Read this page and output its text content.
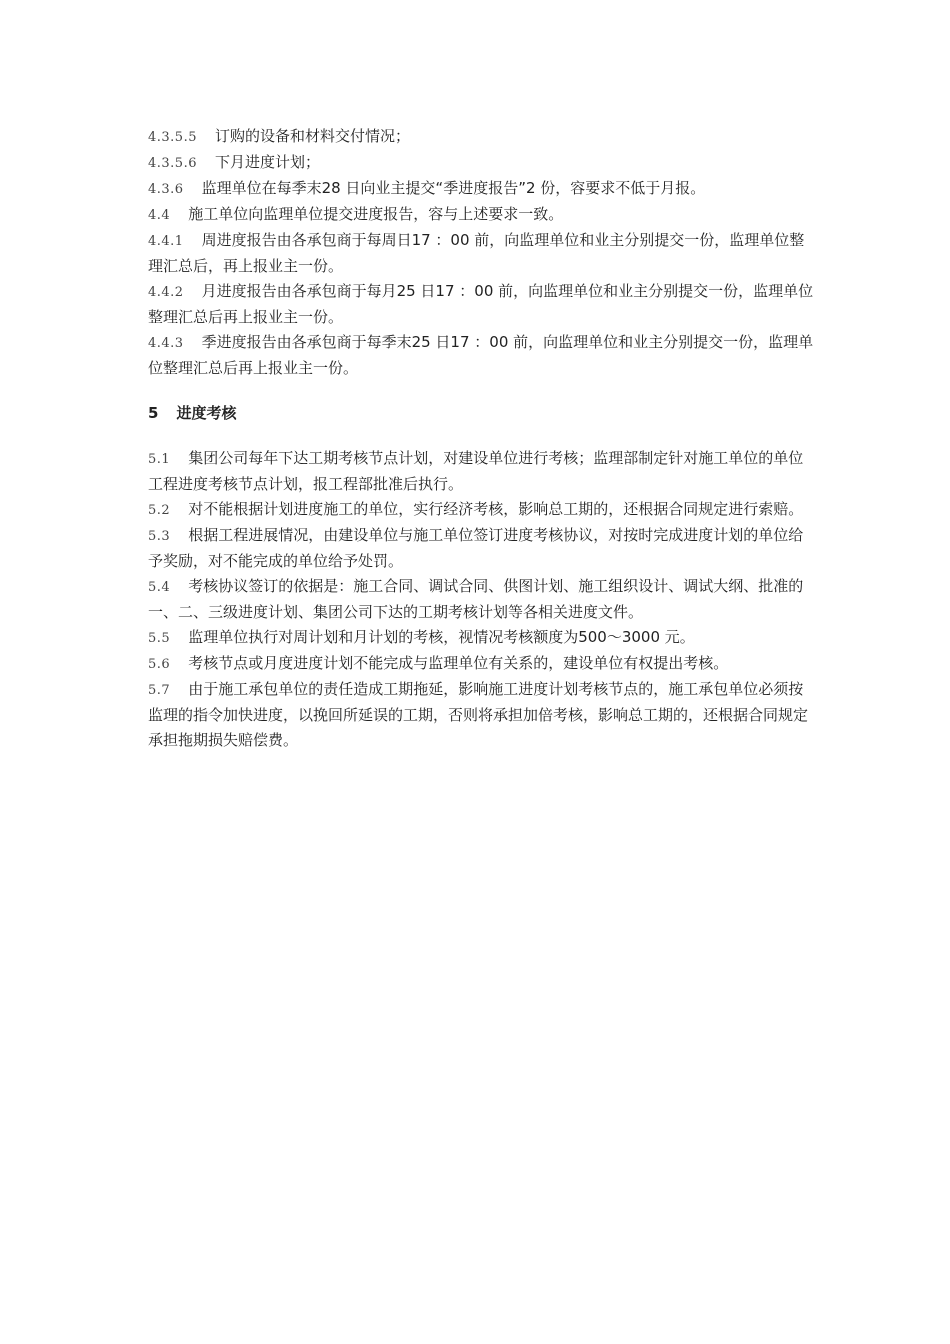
4.3.5.5 订购的设备和材料交付情况；

4.3.5.6 下月进度计划；

4.3.6 监理单位在每季末28 日向业主提交“季进度报告”2 份，容要求不低于月报。

4.4 施工单位向监理单位提交进度报告，容与上述要求一致。

4.4.1 周进度报告由各承包商于每周日17 ：00 前，向监理单位和业主分别提交一份，监理单位整理汇总后，再上报业主一份。

4.4.2 月进度报告由各承包商于每月25 日17 ：00 前，向监理单位和业主分别提交一份，监理单位整理汇总后再上报业主一份。

4.4.3 季进度报告由各承包商于每季末25 日17 ：00 前，向监理单位和业主分别提交一份，监理单位整理汇总后再上报业主一份。

5 进度考核

5.1 集团公司每年下达工期考核节点计划，对建设单位进行考核；监理部制定针对施工单位的单位工程进度考核节点计划，报工程部批准后执行。

5.2 对不能根据计划进度施工的单位，实行经济考核，影响总工期的，还根据合同规定进行索赔。

5.3 根据工程进展情况，由建设单位与施工单位签订进度考核协议，对按时完成进度计划的单位给予奖励，对不能完成的单位给予处罚。

5.4 考核协议签订的依据是：施工合同、调试合同、供图计划、施工组织设计、调试大纲、批准的一、二、三级进度计划、集团公司下达的工期考核计划等各相关进度文件。

5.5 监理单位执行对周计划和月计划的考核，视情况考核额度为500～3000 元。

5.6 考核节点或月度进度计划不能完成与监理单位有关系的，建设单位有权提出考核。

5.7 由于施工承包单位的责任造成工期拖延，影响施工进度计划考核节点的，施工承包单位必须按监理的指令加快进度，以挽回所延误的工期，否则将承担加倍考核，影响总工期的，还根据合同规定承担拖期损失赔偿费。
